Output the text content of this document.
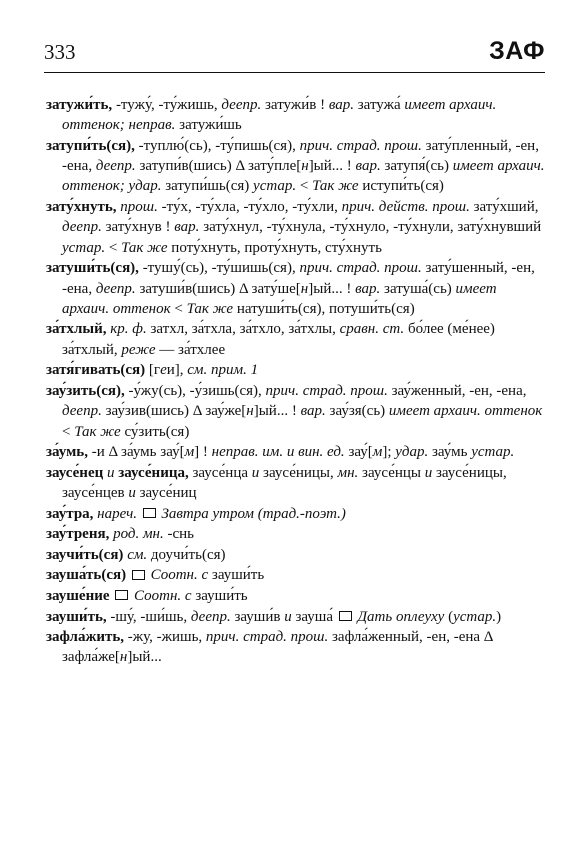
333	ЗАФ

затужи́ть, -тужу́, -ту́жишь, деепр. затужи́в ! вар. затужа́ имеет архаич. оттенок; неправ. затужи́шь

затупи́ть(ся), -туплю́(сь), -ту́пишь(ся), прич. страд. прош. зату́пленный, -ен, -ена, деепр. затупи́в(шись) Δ зату́пле[н]ый... ! вар. затупя́(сь) имеет архаич. оттенок; удар. затупи́шь(ся) устар. < Так же иступи́ть(ся)

зату́хнуть, прош. -ту́х, -ту́хла, -ту́хло, -ту́хли, прич. действ. прош. зату́хший, деепр. зату́хнув ! вар. зату́хнул, -ту́хнула, -ту́хнуло, -ту́хнули, зату́хнувший устар. < Так же поту́хнуть, проту́хнуть, сту́хнуть

затуши́ть(ся), -тушу́(сь), -ту́шишь(ся), прич. страд. прош. зату́шенный, -ен, -ена, деепр. затуши́в(шись) Δ зату́ше[н]ый... ! вар. затуша́(сь) имеет архаич. оттенок < Так же натуши́ть(ся), потуши́ть(ся)

за́тхлый, кр. ф. затхл, за́тхла, за́тхло, за́тхлы, сравн. ст. бо́лее (ме́нее) за́тхлый, реже — за́тхлее

затя́гивать(ся) [геи], см. прим. 1

зау́зить(ся), -у́жу(сь), -у́зишь(ся), прич. страд. прош. зау́женный, -ен, -ена, деепр. зау́зив(шись) Δ зау́же[н]ый... ! вар. зау́зя(сь) имеет архаич. оттенок < Так же су́зить(ся)

за́умь, -и Δ за́умь зау́[м] ! неправ. им. и вин. ед. зау́[м]; удар. зау́мь устар.

заусе́нец и заусе́ница, заусе́нца и заусе́ницы, мн. заусе́нцы и заусе́ницы, заусе́нцев и заусе́ниц

зау́тра, нареч. Завтра утром (трад.-поэт.)

зау́треня, род. мн. -снь

заучи́ть(ся) см. доучи́ть(ся)

зауша́ть(ся) Соотн. с зауши́ть

зауше́ние Соотн. с зауши́ть

зауши́ть, -шу́, -ши́шь, деепр. зауши́в и зауша́  Дать оплеуху (устар.)

зафла́жить, -жу, -жишь, прич. страд. прош. зафла́женный, -ен, -ена Δ зафла́же[н]ый...
